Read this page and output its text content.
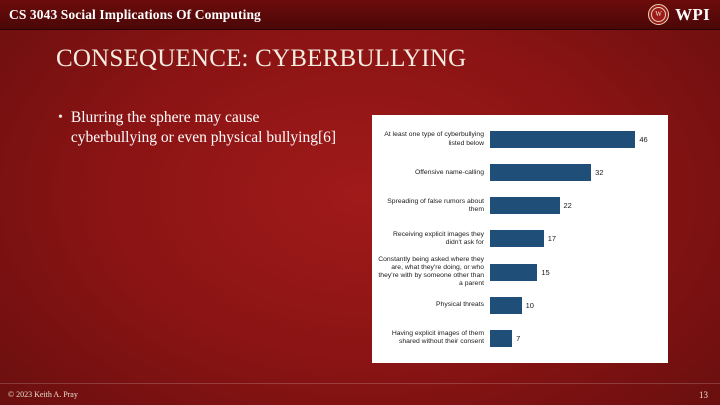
CS 3043 Social Implications Of Computing	W WPI
CONSEQUENCE: CYBERBULLYING
• Blurring the sphere may cause cyberbullying or even physical bullying[6]	At least one type of cyberbullying listed below	46
Offensive name-calling	32
Spreading of false rumors about them	22
Receiving explicit images they didn't ask for	17
Constantly being asked where they are, what they're doing, or who they're with by someone other than a parent
15
Physical threats	10
Having explicit images of them shared without their consent	7
© 2023 Keith A. Pray	13
